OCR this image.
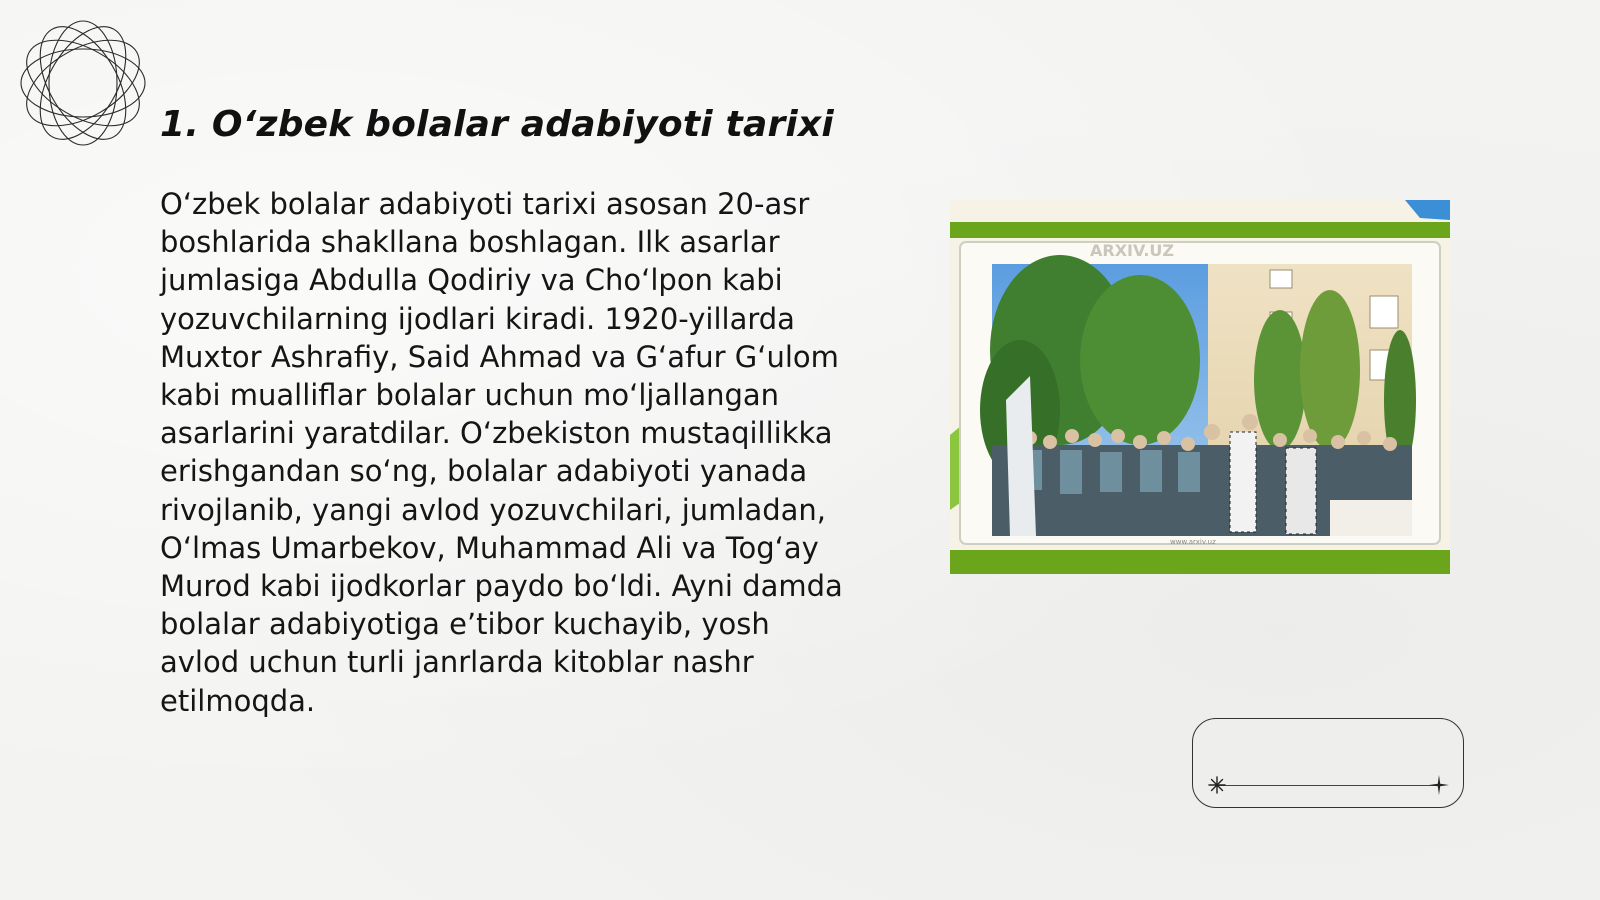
1. O‘zbek bolalar adabiyoti tarixi

O‘zbek bolalar adabiyoti tarixi asosan 20-asr boshlarida shakllana boshlagan. Ilk asarlar jumlasiga Abdulla Qodiriy va Cho‘lpon kabi yozuvchilarning ijodlari kiradi. 1920-yillarda Muxtor Ashrafiy, Said Ahmad va G‘afur G‘ulom kabi mualliflar bolalar uchun mo‘ljallangan asarlarini yaratdilar. O‘zbekiston mustaqillikka erishgandan so‘ng, bolalar adabiyoti yanada rivojlanib, yangi avlod yozuvchilari, jumladan, O‘lmas Umarbekov, Muhammad Ali va Tog‘ay Murod kabi ijodkorlar paydo bo‘ldi. Ayni damda bolalar adabiyotiga e’tibor kuchayib, yosh avlod uchun turli janrlarda kitoblar nashr etilmoqda.

ARXIV.UZ
www.arxiv.uz
